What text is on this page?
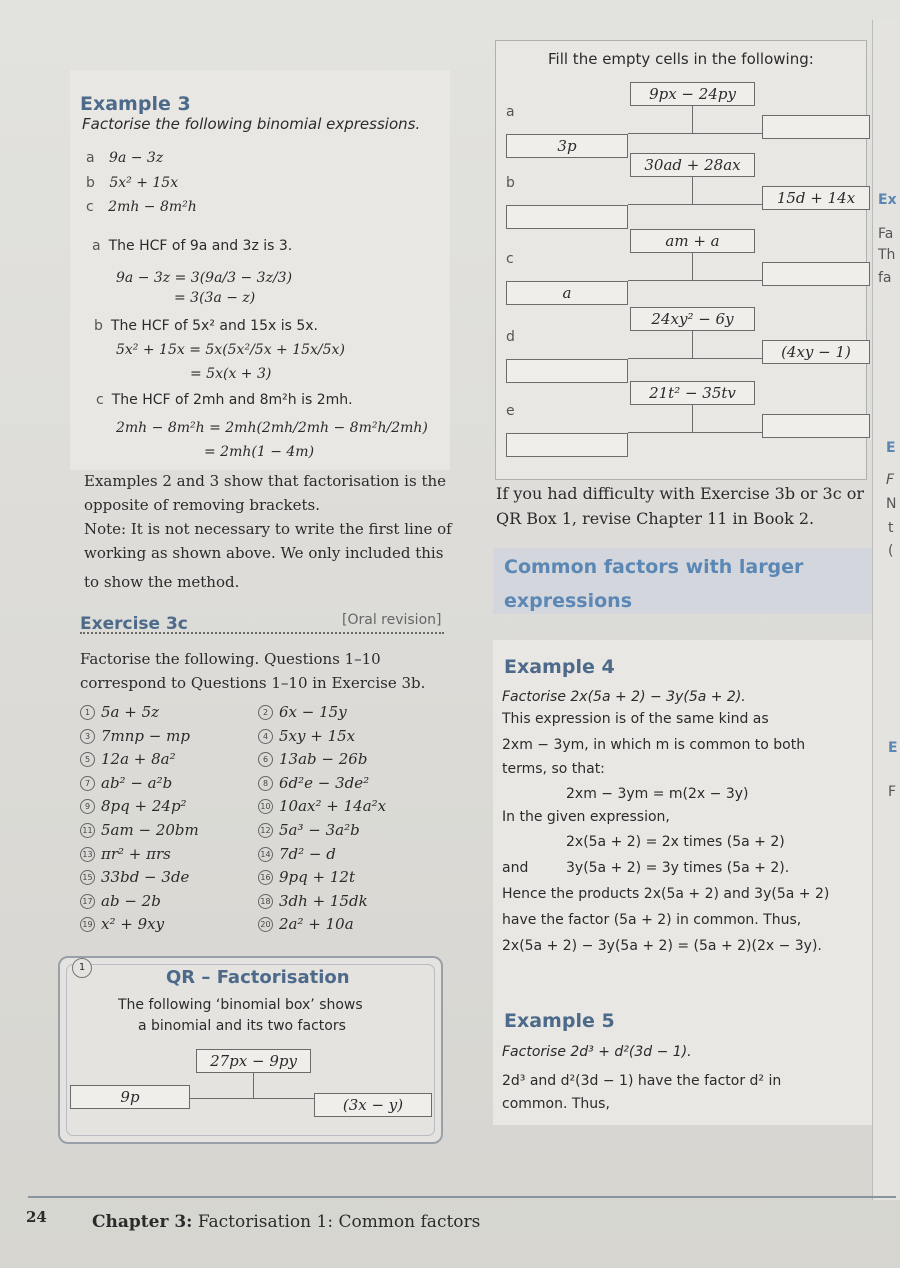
Example 3
Factorise the following binomial expressions.
a 9a − 3z
b 5x² + 15x
c 2mh − 8m²h
a The HCF of 9a and 3z is 3.
9a − 3z = 3(9a/3 − 3z/3)
= 3(3a − z)
b The HCF of 5x² and 15x is 5x.
5x² + 15x = 5x(5x²/5x + 15x/5x)
= 5x(x + 3)
c The HCF of 2mh and 8m²h is 2mh.
2mh − 8m²h = 2mh(2mh/2mh − 8m²h/2mh)
= 2mh(1 − 4m)
Examples 2 and 3 show that factorisation is the
opposite of removing brackets.
Note: It is not necessary to write the first line of
working as shown above. We only included this
to show the method.
Exercise 3c	[Oral revision]
Factorise the following. Questions 1–10
correspond to Questions 1–10 in Exercise 3b.
1 5a + 5z	2 6x − 15y
3 7mnp − mp	4 5xy + 15x
5 12a + 8a²	6 13ab − 26b
7 ab² − a²b	8 6d²e − 3de²
9 8pq + 24p²	10 10ax² + 14a²x
11 5am − 20bm	12 5a³ − 3a²b
13 πr² + πrs	14 7d² − d
15 33bd − 3de	16 9pq + 12t
17 ab − 2b	18 3dh + 15dk
19 x² + 9xy	20 2a² + 10a
1	QR – Factorisation
The following ‘binomial box’ shows
a binomial and its two factors
27px − 9py
9p	(3x − y)
Fill the empty cells in the following:
a
9px − 24py
3p
b
30ad + 28ax
15d + 14x
c
am + a
a
d
24xy² − 6y
(4xy − 1)
e
21t² − 35tv
If you had difficulty with Exercise 3b or 3c or
QR Box 1, revise Chapter 11 in Book 2.
Common factors with larger
expressions
Example 4
Factorise 2x(5a + 2) − 3y(5a + 2).
This expression is of the same kind as
2xm − 3ym, in which m is common to both
terms, so that:
2xm − 3ym = m(2x − 3y)
In the given expression,
2x(5a + 2) = 2x times (5a + 2)
and	3y(5a + 2) = 3y times (5a + 2).
Hence the products 2x(5a + 2) and 3y(5a + 2)
have the factor (5a + 2) in common. Thus,
2x(5a + 2) − 3y(5a + 2) = (5a + 2)(2x − 3y).
Example 5
Factorise 2d³ + d²(3d − 1).
2d³ and d²(3d − 1) have the factor d² in
common. Thus,
Ex
Fa
Th
fa
E
F
N
t
(
E
F
24	Chapter 3: Factorisation 1: Common factors
